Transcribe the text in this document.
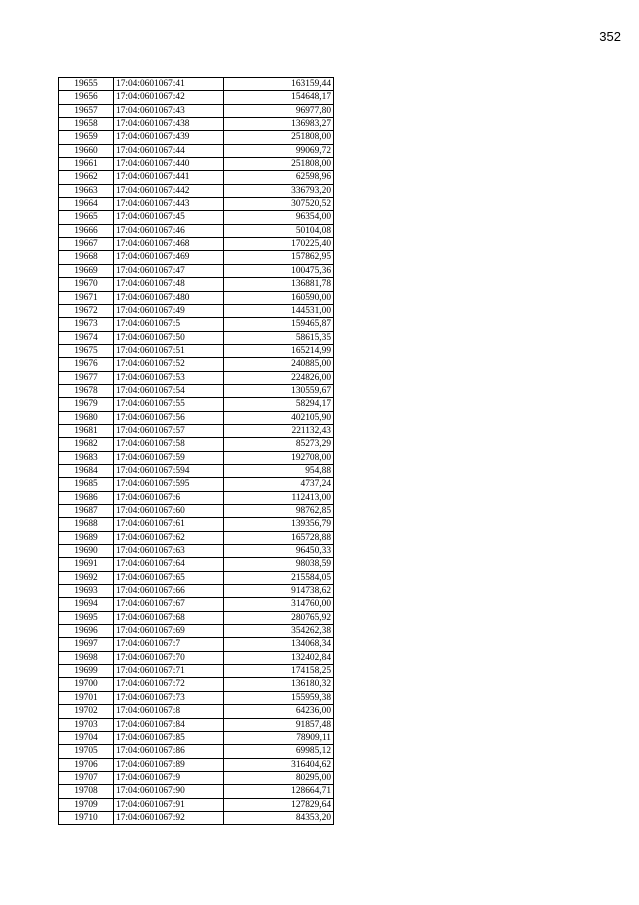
352
19655	17:04:0601067:41	163159,44
19656	17:04:0601067:42	154648,17
19657	17:04:0601067:43	96977,80
19658	17:04:0601067:438	136983,27
19659	17:04:0601067:439	251808,00
19660	17:04:0601067:44	99069,72
19661	17:04:0601067:440	251808,00
19662	17:04:0601067:441	62598,96
19663	17:04:0601067:442	336793,20
19664	17:04:0601067:443	307520,52
19665	17:04:0601067:45	96354,00
19666	17:04:0601067:46	50104,08
19667	17:04:0601067:468	170225,40
19668	17:04:0601067:469	157862,95
19669	17:04:0601067:47	100475,36
19670	17:04:0601067:48	136881,78
19671	17:04:0601067:480	160590,00
19672	17:04:0601067:49	144531,00
19673	17:04:0601067:5	159465,87
19674	17:04:0601067:50	58615,35
19675	17:04:0601067:51	165214,99
19676	17:04:0601067:52	240885,00
19677	17:04:0601067:53	224826,00
19678	17:04:0601067:54	130559,67
19679	17:04:0601067:55	58294,17
19680	17:04:0601067:56	402105,90
19681	17:04:0601067:57	221132,43
19682	17:04:0601067:58	85273,29
19683	17:04:0601067:59	192708,00
19684	17:04:0601067:594	954,88
19685	17:04:0601067:595	4737,24
19686	17:04:0601067:6	112413,00
19687	17:04:0601067:60	98762,85
19688	17:04:0601067:61	139356,79
19689	17:04:0601067:62	165728,88
19690	17:04:0601067:63	96450,33
19691	17:04:0601067:64	98038,59
19692	17:04:0601067:65	215584,05
19693	17:04:0601067:66	914738,62
19694	17:04:0601067:67	314760,00
19695	17:04:0601067:68	280765,92
19696	17:04:0601067:69	354262,38
19697	17:04:0601067:7	134068,34
19698	17:04:0601067:70	132402,84
19699	17:04:0601067:71	174158,25
19700	17:04:0601067:72	136180,32
19701	17:04:0601067:73	155959,38
19702	17:04:0601067:8	64236,00
19703	17:04:0601067:84	91857,48
19704	17:04:0601067:85	78909,11
19705	17:04:0601067:86	69985,12
19706	17:04:0601067:89	316404,62
19707	17:04:0601067:9	80295,00
19708	17:04:0601067:90	128664,71
19709	17:04:0601067:91	127829,64
19710	17:04:0601067:92	84353,20
